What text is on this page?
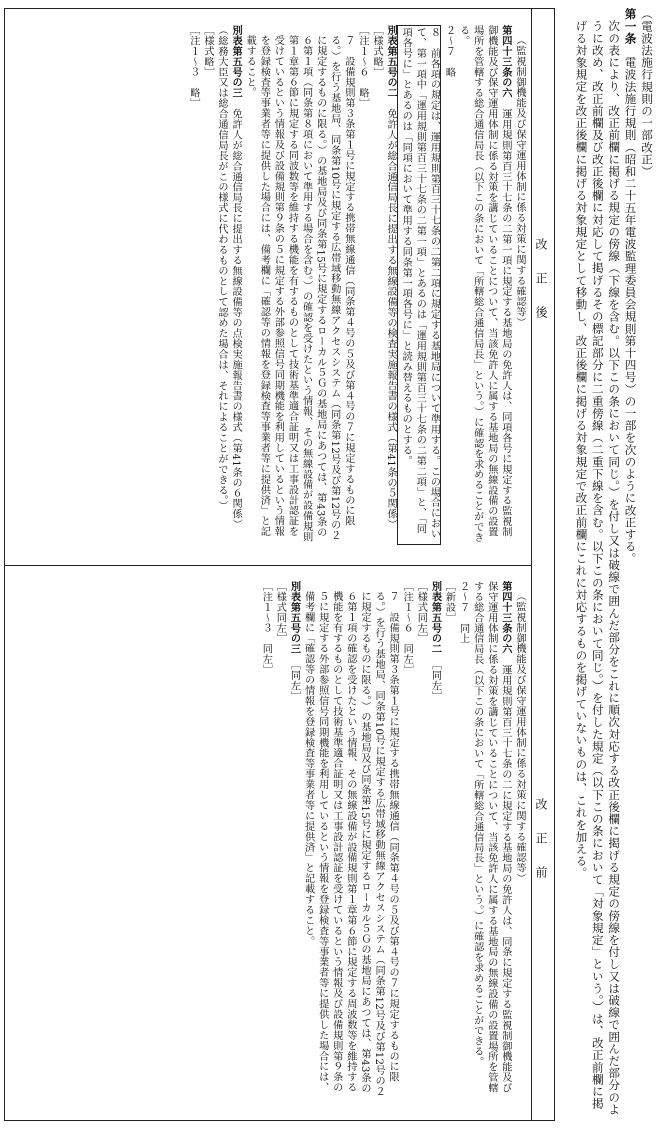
（電波法施行規則の一部改正）

第一条　電波法施行規則（昭和二十五年電波監理委員会規則第十四号）の一部を次のように改正する。

次の表により、改正前欄に掲げる規定の傍線（下線を含む。以下この条において同じ。）を付し又は破線で囲んだ部分をこれに順次対応する改正後欄に掲げる規定の傍線を付し又は破線で囲んだ部分のように改め、改正前欄及び改正後欄に対応して掲げるその標記部分に二重傍線（二重下線を含む。以下この条において同じ。）を付した規定（以下この条において「対象規定」という。）は、改正前欄に掲げる対象規定を改正後欄に掲げる対象規定として移動し、改正後欄に掲げる対象規定で改正前欄にこれに対応するものを掲げていないものは、これを加える。

改正後
改正前

（監視制御機能及び保守運用体制に係る対策に関する確認等）

第四十三条の六　運用規則第百三十七条の二第一項に規定する基地局の免許人は、同項各号に規定する監視制御機能及び保守運用体制に係る対策を講じていることについて、当該免許人に属する基地局の無線設備の設置場所を管轄する総合通信局長（以下この条において「所轄総合通信局長」という。）に確認を求めることができる。

２～７　略

８　前各項の規定は、運用規則第百三十七条の二第二項に規定する基地局について準用する。この場合において、第一項中「運用規則第百三十七条の二第一項」とあるのは「運用規則第百三十七条の二第二項」と、「同項各号に」とあるのは「同項において準用する同条第一項各号に」と読み替えるものとする。

別表第五号の二　免許人が総合通信局長に提出する無線設備等の検査実施報告書の様式（第41条の５関係）

［様式略］

［注１～６　略］

７　設備規則第３条第１号に規定する携帯無線通信（同条第４号の５及び第４号の７に規定するものに限る。）を行う基地局、同条第10号に規定する広帯域移動無線アクセスシステム（同条第12号及び第12号の２に規定するものに限る。）の基地局及び同条第15号に規定するローカル５Ｇの基地局にあつては、第43条の６第１項（同条第８項において準用する場合を含む。）の確認を受けたという情報、その無線設備が設備規則第１章第６節に規定する同波数等を維持する機能を有するものとして技術基準適合証明又は工事設計認証を受けているという情報及び設備規則第９条の５に規定する外部参照信号同期機能を利用しているという情報を登録検査等事業者等に提供した場合には、備考欄に「確認等の情報を登録検査等事業者等に提供済」と記載すること。

別表第五号の三　免許人が総合通信局長に提出する無線設備等の点検実施報告書の様式（第41条の６関係）（総務大臣又は総合通信局長がこの様式に代わるものとして認めた場合は、それによることができる。）

［様式略］

［注１～３　略］

（監視制御機能及び保守運用体制に係る対策に関する確認等）

第四十三条の六　運用規則第百三十七条の二に規定する基地局の免許人は、同条に規定する監視制御機能及び保守運用体制に係る対策を講じていることについて、当該免許人に属する基地局の無線設備の設置場所を管轄する総合通信局長（以下この条において「所轄総合通信局長」という。）に確認を求めることができる。

２～７　同上

［新設］

別表第五号の二　［同左］

［様式同左］

［注１～６　同左］

７　設備規則第３条第１号に規定する携帯無線通信（同条第４号の５及び第４号の７に規定するものに限る。）を行う基地局、同条第10号に規定する広帯域移動無線アクセスシステム（同条第12号及び第12号の２に規定するものに限る。）の基地局及び同条第15号に規定するローカル５Ｇの基地局にあつては、第43条の６第１項の確認を受けたという情報、その無線設備が設備規則第１章第６節に規定する周波数等を維持する機能を有するものとして技術基準適合証明又は工事設計認証を受けているという情報及び設備規則第９条の５に規定する外部参照信号同期機能を利用しているという情報を登録検査等事業者等に提供した場合には、備考欄に「確認等の情報を登録検査等事業者等に提供済」と記載すること。

別表第五号の三　［同左］

［様式同左］

［注１～３　同左］
